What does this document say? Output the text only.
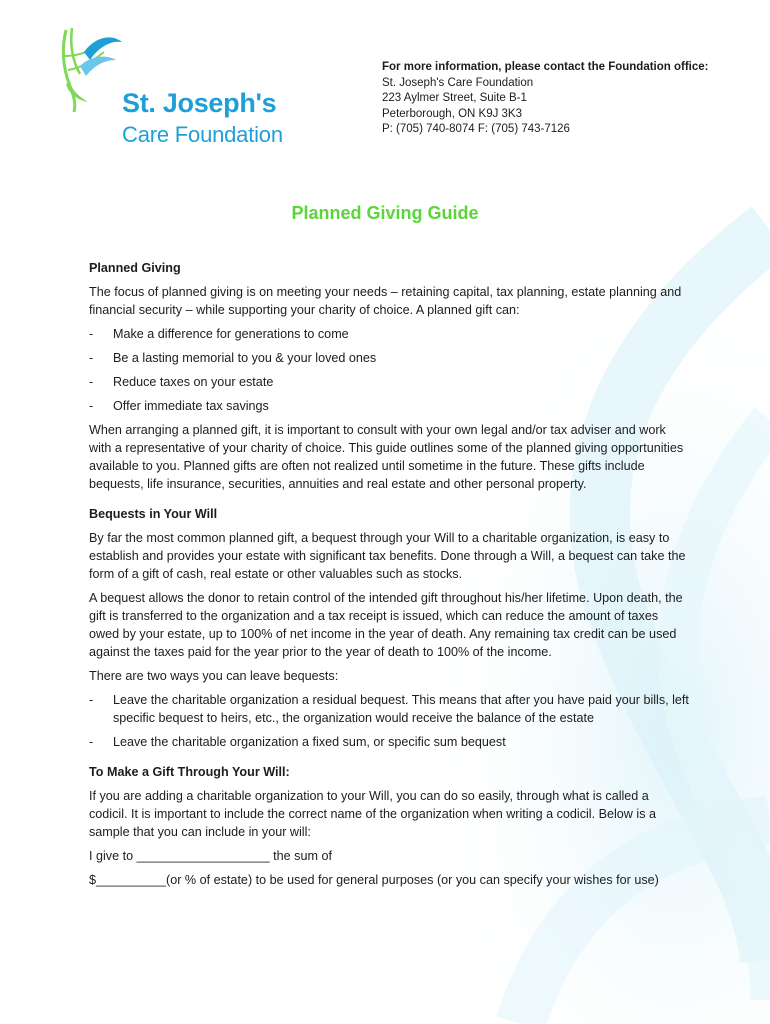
St. Joseph's
Care Foundation
For more information, please contact the Foundation office:
St. Joseph's Care Foundation
223 Aylmer Street, Suite B-1
Peterborough, ON K9J 3K3
P: (705) 740-8074 F: (705) 743-7126
Planned Giving Guide
Planned Giving
The focus of planned giving is on meeting your needs – retaining capital, tax planning, estate planning and financial security – while supporting your charity of choice. A planned gift can:
- Make a difference for generations to come
- Be a lasting memorial to you & your loved ones
- Reduce taxes on your estate
- Offer immediate tax savings
When arranging a planned gift, it is important to consult with your own legal and/or tax adviser and work with a representative of your charity of choice. This guide outlines some of the planned giving opportunities available to you. Planned gifts are often not realized until sometime in the future. These gifts include bequests, life insurance, securities, annuities and real estate and other personal property.
Bequests in Your Will
By far the most common planned gift, a bequest through your Will to a charitable organization, is easy to establish and provides your estate with significant tax benefits. Done through a Will, a bequest can take the form of a gift of cash, real estate or other valuables such as stocks.
A bequest allows the donor to retain control of the intended gift throughout his/her lifetime. Upon death, the gift is transferred to the organization and a tax receipt is issued, which can reduce the amount of taxes owed by your estate, up to 100% of net income in the year of death. Any remaining tax credit can be used against the taxes paid for the year prior to the year of death to 100% of the income.
There are two ways you can leave bequests:
- Leave the charitable organization a residual bequest. This means that after you have paid your bills, left specific bequest to heirs, etc., the organization would receive the balance of the estate
- Leave the charitable organization a fixed sum, or specific sum bequest
To Make a Gift Through Your Will:
If you are adding a charitable organization to your Will, you can do so easily, through what is called a codicil. It is important to include the correct name of the organization when writing a codicil. Below is a sample that you can include in your will:
I give to ___________________ the sum of
$__________(or % of estate) to be used for general purposes (or you can specify your wishes for use)
